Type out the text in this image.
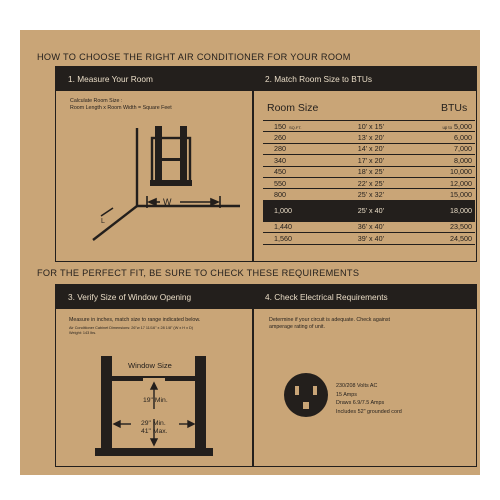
HOW TO CHOOSE THE RIGHT AIR CONDITIONER FOR YOUR ROOM
1. Measure Your Room	2. Match Room Size to BTUs
Calculate Room Size :
Room Length x Room Width = Square Feet
W
L
Room Size	BTUs
150 SQ.FT.	10’ x 15’	up to 5,000
260	13’ x 20’	6,000
280	14’ x 20’	7,000
340	17’ x 20’	8,000
450	18’ x 25’	10,000
550	22’ x 25’	12,000
800	25’ x 32’	15,000
1,000	25’ x 40’	18,000
1,440	36’ x 40’	23,500
1,560	39’ x 40’	24,500
FOR THE PERFECT FIT, BE SURE TO CHECK THESE REQUIREMENTS
3. Verify Size of Window Opening	4. Check Electrical Requirements
Measure in inches, match size to range indicated below.
Air Conditioner Cabinet Dimensions: 26"w 17 11/16" x 28 1/8" (W x H x D)
Weight: 143 lbs.
Window Size
19" Min.
29" Min.
41" Max.
Determine if your circuit is adequate. Check against
amperage rating of unit.
230/208 Volts AC
15 Amps
Draws 6.9/7.5 Amps
Includes 52" grounded cord
